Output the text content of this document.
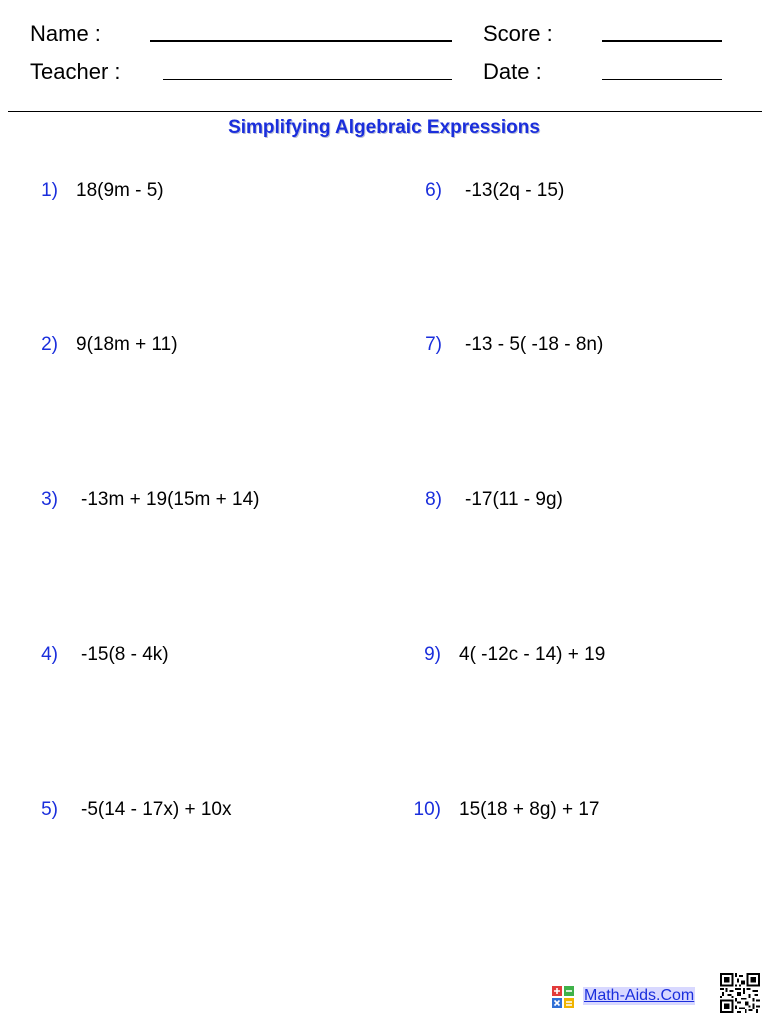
Name :
Teacher :
Score :
Date :
Simplifying Algebraic Expressions
1) 18(9m - 5)
2) 9(18m + 11)
3) -13m + 19(15m + 14)
4) -15(8 - 4k)
5) -5(14 - 17x) + 10x
6) -13(2q - 15)
7) -13 - 5( -18 - 8n)
8) -17(11 - 9g)
9) 4( -12c - 14) + 19
10) 15(18 + 8g) + 17
Math-Aids.Com
